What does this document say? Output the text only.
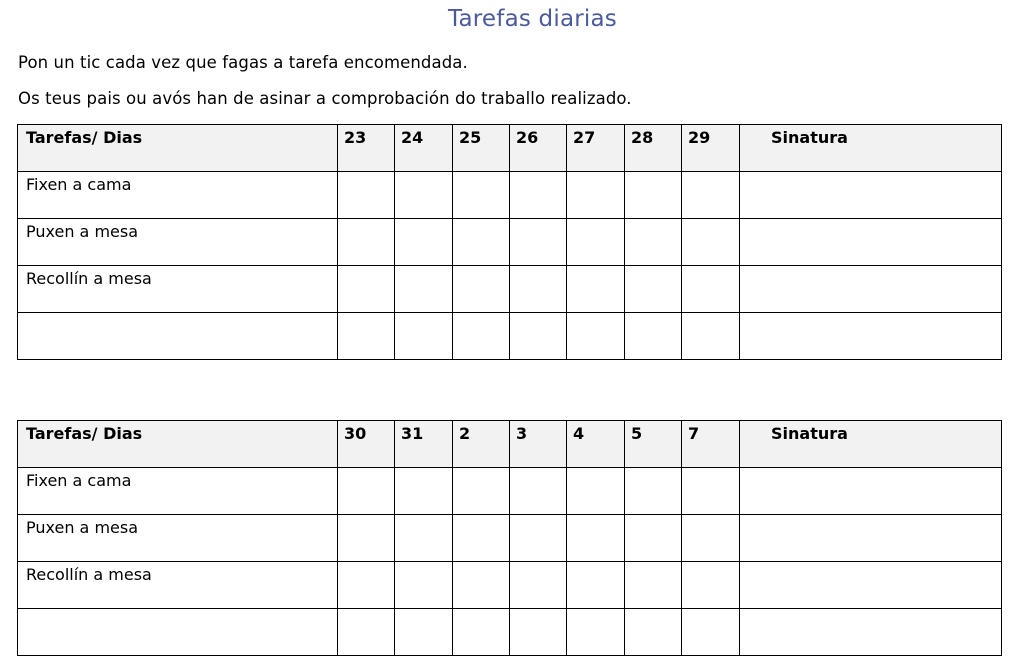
Tarefas diarias
Pon un tic cada vez que fagas a tarefa encomendada.
Os teus pais ou avós han de asinar a comprobación do traballo realizado.
Tarefas/ Dias	23	24	25	26	27	28	29	Sinatura

Fixen a cama								

Puxen a mesa								

Recollín a mesa								

Tarefas/ Dias	30	31	2	3	4	5	7	Sinatura

Fixen a cama								

Puxen a mesa								

Recollín a mesa								
